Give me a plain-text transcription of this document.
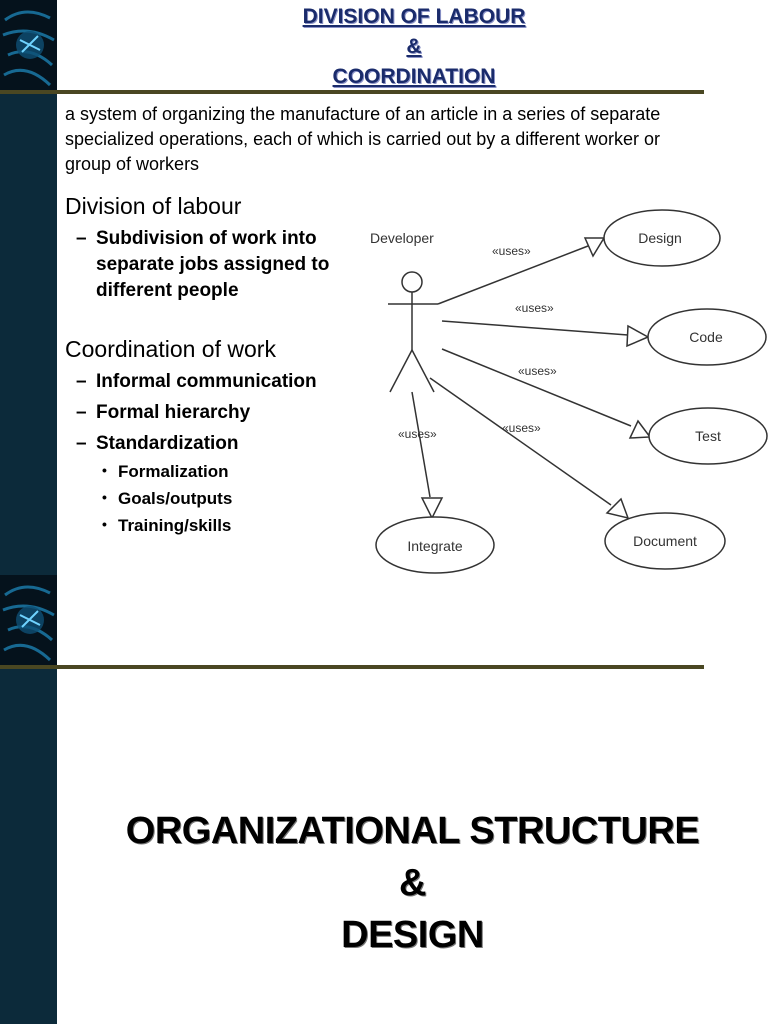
DIVISION OF LABOUR
&
COORDINATION
a system of organizing the manufacture of an article in a series of separate specialized operations, each of which is carried out by a different worker or group of workers
Division of labour
– Subdivision of work into separate jobs assigned to different people
Coordination of work
– Informal communication
– Formal hierarchy
– Standardization
• Formalization
• Goals/outputs
• Training/skills
Developer
«uses»
«uses»
«uses»
«uses»
«uses»
Design
Code
Test
Integrate	Document
ORGANIZATIONAL STRUCTURE
&
DESIGN
